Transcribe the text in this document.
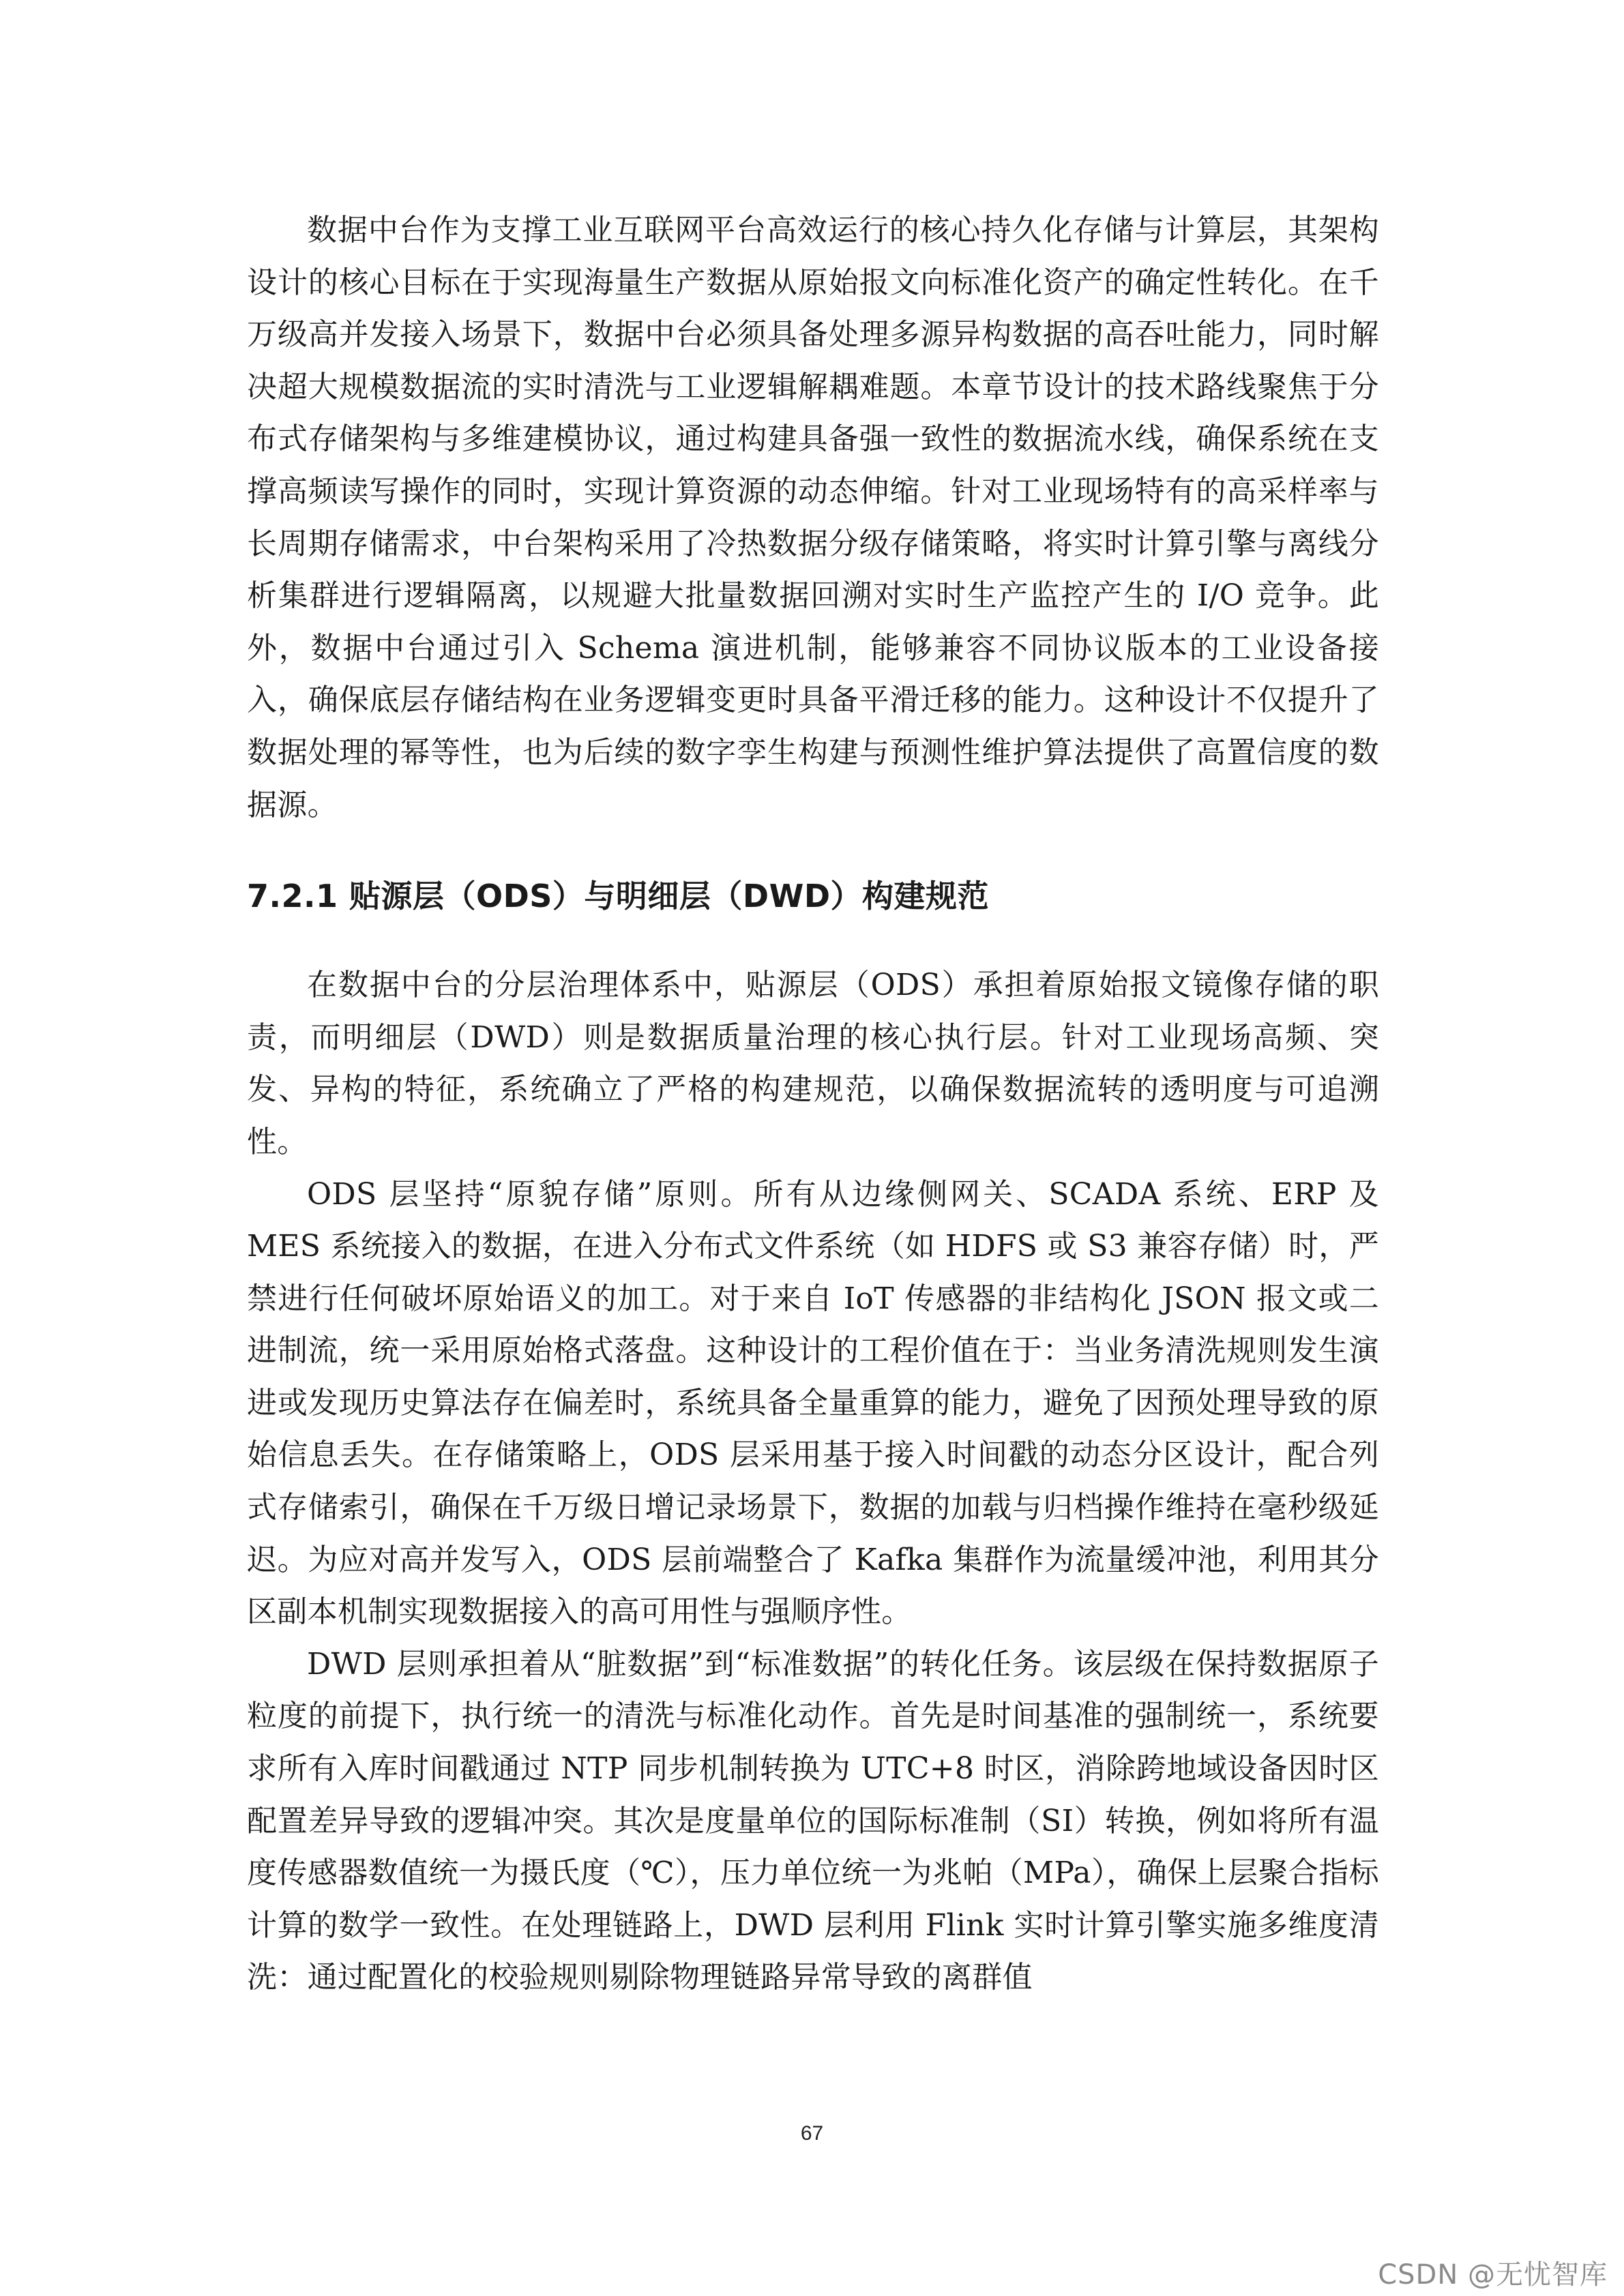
数据中台作为支撑工业互联网平台高效运行的核心持久化存储与计算层，其架构设计的核心目标在于实现海量生产数据从原始报文向标准化资产的确定性转化。在千万级高并发接入场景下，数据中台必须具备处理多源异构数据的高吞吐能力，同时解决超大规模数据流的实时清洗与工业逻辑解耦难题。本章节设计的技术路线聚焦于分布式存储架构与多维建模协议，通过构建具备强一致性的数据流水线，确保系统在支撑高频读写操作的同时，实现计算资源的动态伸缩。针对工业现场特有的高采样率与长周期存储需求，中台架构采用了冷热数据分级存储策略，将实时计算引擎与离线分析集群进行逻辑隔离，以规避大批量数据回溯对实时生产监控产生的 I/O 竞争。此外，数据中台通过引入 Schema 演进机制，能够兼容不同协议版本的工业设备接入，确保底层存储结构在业务逻辑变更时具备平滑迁移的能力。这种设计不仅提升了数据处理的幂等性，也为后续的数字孪生构建与预测性维护算法提供了高置信度的数据源。

7.2.1 贴源层（ODS）与明细层（DWD）构建规范

在数据中台的分层治理体系中，贴源层（ODS）承担着原始报文镜像存储的职责，而明细层（DWD）则是数据质量治理的核心执行层。针对工业现场高频、突发、异构的特征，系统确立了严格的构建规范，以确保数据流转的透明度与可追溯性。

ODS 层坚持“原貌存储”原则。所有从边缘侧网关、SCADA 系统、ERP 及 MES 系统接入的数据，在进入分布式文件系统（如 HDFS 或 S3 兼容存储）时，严禁进行任何破坏原始语义的加工。对于来自 IoT 传感器的非结构化 JSON 报文或二进制流，统一采用原始格式落盘。这种设计的工程价值在于：当业务清洗规则发生演进或发现历史算法存在偏差时，系统具备全量重算的能力，避免了因预处理导致的原始信息丢失。在存储策略上，ODS 层采用基于接入时间戳的动态分区设计，配合列式存储索引，确保在千万级日增记录场景下，数据的加载与归档操作维持在毫秒级延迟。为应对高并发写入，ODS 层前端整合了 Kafka 集群作为流量缓冲池，利用其分区副本机制实现数据接入的高可用性与强顺序性。

DWD 层则承担着从“脏数据”到“标准数据”的转化任务。该层级在保持数据原子粒度的前提下，执行统一的清洗与标准化动作。首先是时间基准的强制统一，系统要求所有入库时间戳通过 NTP 同步机制转换为 UTC+8 时区，消除跨地域设备因时区配置差异导致的逻辑冲突。其次是度量单位的国际标准制（SI）转换，例如将所有温度传感器数值统一为摄氏度（℃），压力单位统一为兆帕（MPa），确保上层聚合指标计算的数学一致性。在处理链路上，DWD 层利用 Flink 实时计算引擎实施多维度清洗：通过配置化的校验规则剔除物理链路异常导致的离群值

67
CSDN @无忧智库
